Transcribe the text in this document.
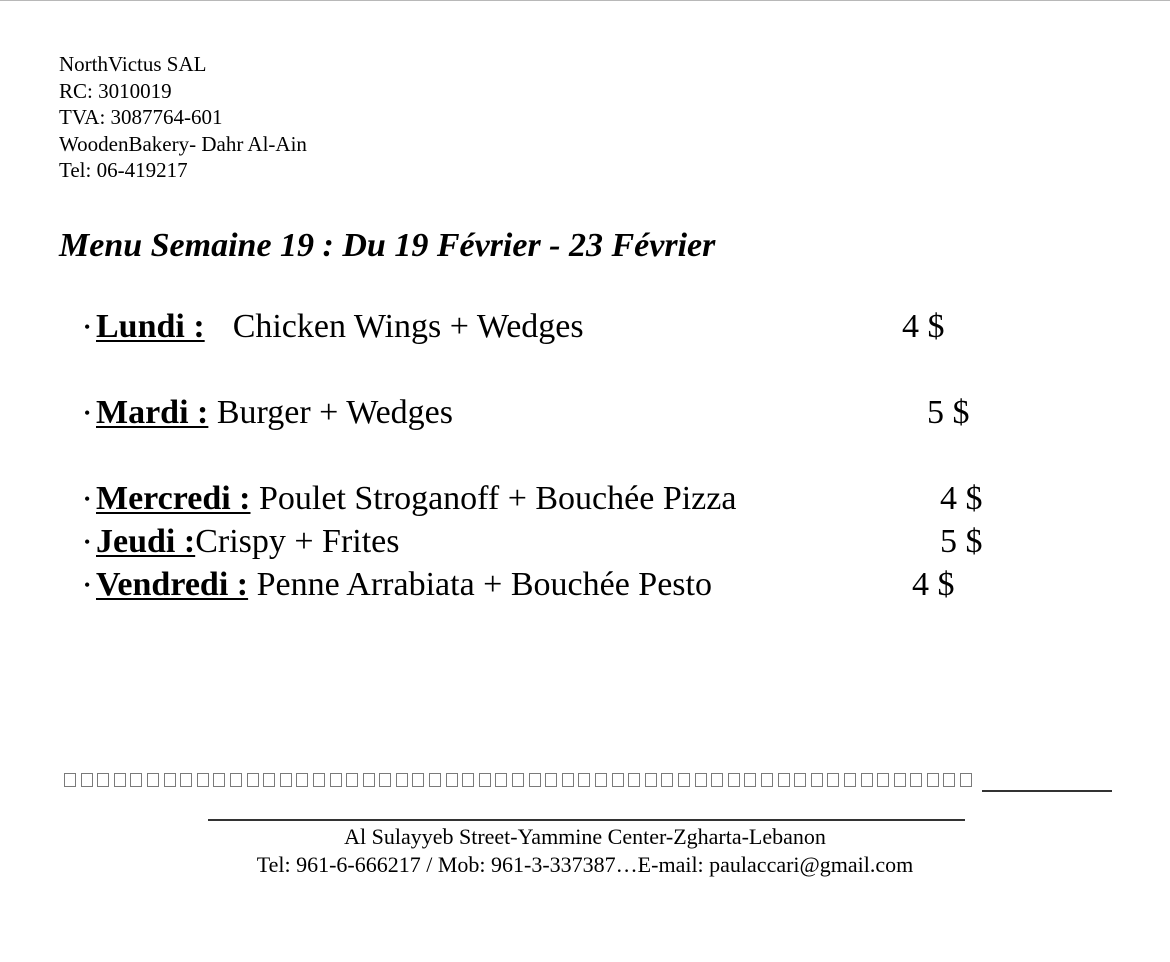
NorthVictus SAL
RC: 3010019
TVA: 3087764-601
WoodenBakery- Dahr Al-Ain
Tel: 06-419217
Menu Semaine 19 : Du 19 Février - 23 Février
• Lundi : Chicken Wings + Wedges	4 $
• Mardi : Burger + Wedges	5 $
• Mercredi : Poulet Stroganoff + Bouchée Pizza	4 $
• Jeudi :Crispy + Frites	5 $
• Vendredi : Penne Arrabiata + Bouchée Pesto	4 $
Al Sulayyeb Street-Yammine Center-Zgharta-Lebanon
Tel: 961-6-666217 / Mob: 961-3-337387…E-mail: paulaccari@gmail.com
